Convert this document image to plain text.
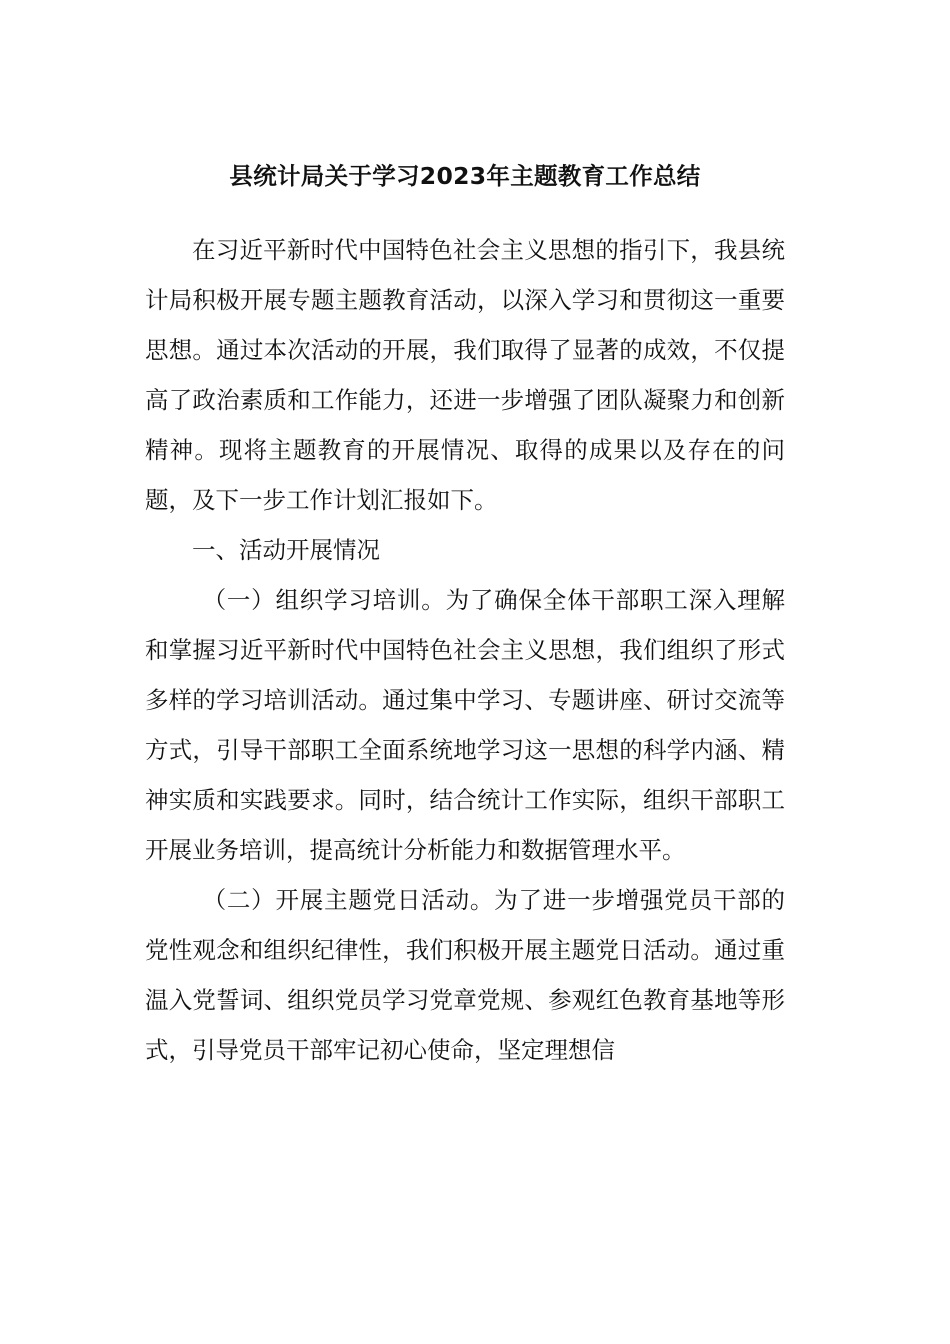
县统计局关于学习2023年主题教育工作总结

在习近平新时代中国特色社会主义思想的指引下，我县统计局积极开展专题主题教育活动，以深入学习和贯彻这一重要思想。通过本次活动的开展，我们取得了显著的成效，不仅提高了政治素质和工作能力，还进一步增强了团队凝聚力和创新精神。现将主题教育的开展情况、取得的成果以及存在的问题，及下一步工作计划汇报如下。

一、活动开展情况

（一）组织学习培训。为了确保全体干部职工深入理解和掌握习近平新时代中国特色社会主义思想，我们组织了形式多样的学习培训活动。通过集中学习、专题讲座、研讨交流等方式，引导干部职工全面系统地学习这一思想的科学内涵、精神实质和实践要求。同时，结合统计工作实际，组织干部职工开展业务培训，提高统计分析能力和数据管理水平。

（二）开展主题党日活动。为了进一步增强党员干部的党性观念和组织纪律性，我们积极开展主题党日活动。通过重温入党誓词、组织党员学习党章党规、参观红色教育基地等形式，引导党员干部牢记初心使命，坚定理想信
